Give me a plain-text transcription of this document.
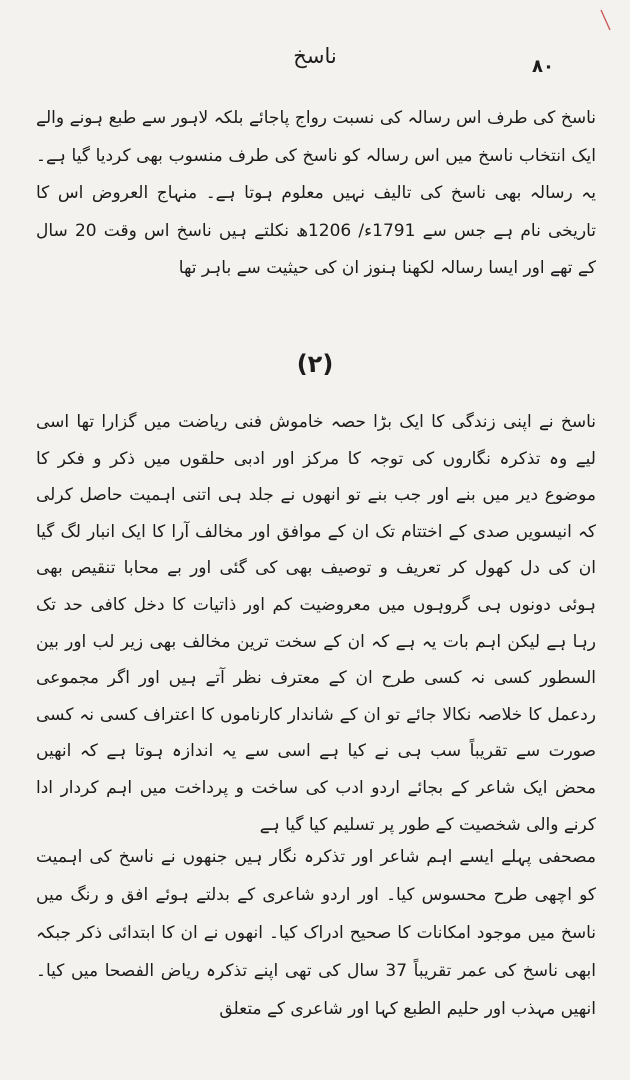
۸۰
ناسخ

ناسخ کی طرف اس رسالہ کی نسبت رواج پاجائے بلکہ لاہور سے طبع ہونے والے ایک انتخاب ناسخ میں اس رسالہ کو ناسخ کی طرف منسوب بھی کردیا گیا ہے۔ یہ رسالہ بھی ناسخ کی تالیف نہیں معلوم ہوتا ہے۔ منہاج العروض اس کا تاریخی نام ہے جس سے 1791ء/ 1206ھ نکلتے ہیں ناسخ اس وقت 20 سال کے تھے اور ایسا رسالہ لکھنا ہنوز ان کی حیثیت سے باہر تھا

(۲)

ناسخ نے اپنی زندگی کا ایک بڑا حصہ خاموش فنی ریاضت میں گزارا تھا اسی لیے وہ تذکرہ نگاروں کی توجہ کا مرکز اور ادبی حلقوں میں ذکر و فکر کا موضوع دیر میں بنے اور جب بنے تو انھوں نے جلد ہی اتنی اہمیت حاصل کرلی کہ انیسویں صدی کے اختتام تک ان کے موافق اور مخالف آرا کا ایک انبار لگ گیا ان کی دل کھول کر تعریف و توصیف بھی کی گئی اور بے محابا تنقیص بھی ہوئی دونوں ہی گروہوں میں معروضیت کم اور ذاتیات کا دخل کافی حد تک رہا ہے لیکن اہم بات یہ ہے کہ ان کے سخت ترین مخالف بھی زیر لب اور بین السطور کسی نہ کسی طرح ان کے معترف نظر آتے ہیں اور اگر مجموعی ردعمل کا خلاصہ نکالا جائے تو ان کے شاندار کارناموں کا اعتراف کسی نہ کسی صورت سے تقریباً سب ہی نے کیا ہے اسی سے یہ اندازہ ہوتا ہے کہ انھیں محض ایک شاعر کے بجائے اردو ادب کی ساخت و پرداخت میں اہم کردار ادا کرنے والی شخصیت کے طور پر تسلیم کیا گیا ہے

مصحفی پہلے ایسے اہم شاعر اور تذکرہ نگار ہیں جنھوں نے ناسخ کی اہمیت کو اچھی طرح محسوس کیا۔ اور اردو شاعری کے بدلتے ہوئے افق و رنگ میں ناسخ میں موجود امکانات کا صحیح ادراک کیا۔ انھوں نے ان کا ابتدائی ذکر جبکہ ابھی ناسخ کی عمر تقریباً 37 سال کی تھی اپنے تذکرہ ریاض الفصحا میں کیا۔ انھیں مہذب اور حلیم الطبع کہا اور شاعری کے متعلق
